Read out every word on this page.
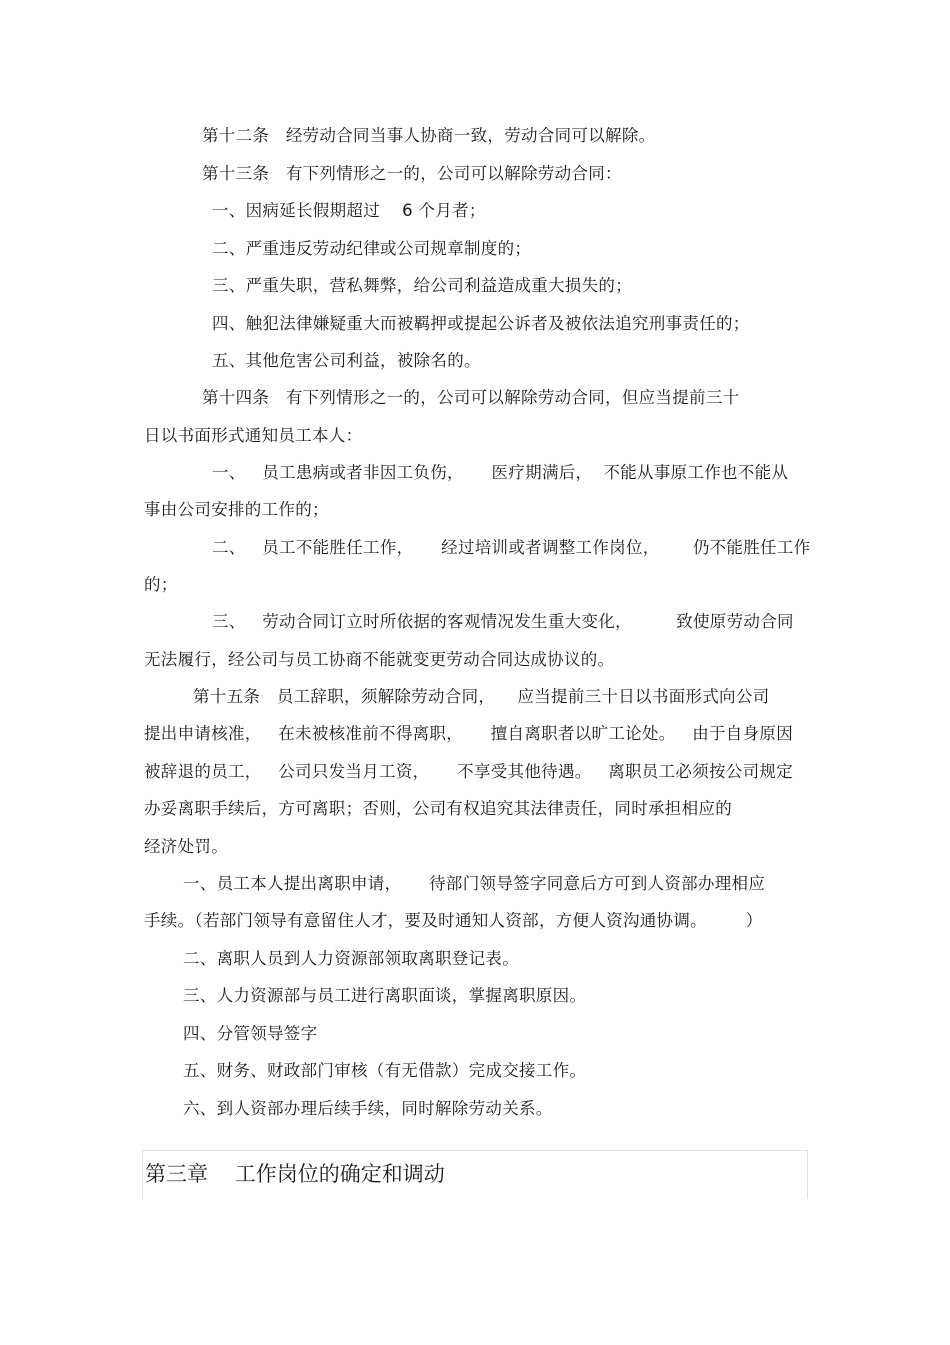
第十二条   经劳动合同当事人协商一致，劳动合同可以解除。
第十三条   有下列情形之一的，公司可以解除劳动合同：
一、因病延长假期超过    6 个月者；
二、严重违反劳动纪律或公司规章制度的；
三、严重失职，营私舞弊，给公司利益造成重大损失的；
四、触犯法律嫌疑重大而被羁押或提起公诉者及被依法追究刑事责任的；
五、其他危害公司利益，被除名的。
第十四条   有下列情形之一的，公司可以解除劳动合同，但应当提前三十
日以书面形式通知员工本人：
一、   员工患病或者非因工负伤，     医疗期满后，  不能从事原工作也不能从
事由公司安排的工作的；
二、   员工不能胜任工作，     经过培训或者调整工作岗位，      仍不能胜任工作
的；
三、   劳动合同订立时所依据的客观情况发生重大变化，        致使原劳动合同
无法履行，经公司与员工协商不能就变更劳动合同达成协议的。
第十五条   员工辞职，须解除劳动合同，    应当提前三十日以书面形式向公司
提出申请核准，   在未被核准前不得离职，     擅自离职者以旷工论处。   由于自身原因
被辞退的员工，   公司只发当月工资，     不享受其他待遇。   离职员工必须按公司规定
办妥离职手续后，方可离职；否则，公司有权追究其法律责任，同时承担相应的
经济处罚。
一、员工本人提出离职申请，     待部门领导签字同意后方可到人资部办理相应
手续。（若部门领导有意留住人才，要及时通知人资部，方便人资沟通协调。       ）
二、离职人员到人力资源部领取离职登记表。
三、人力资源部与员工进行离职面谈，掌握离职原因。
四、分管领导签字
五、财务、财政部门审核（有无借款）完成交接工作。
六、到人资部办理后续手续，同时解除劳动关系。
第三章    工作岗位的确定和调动
